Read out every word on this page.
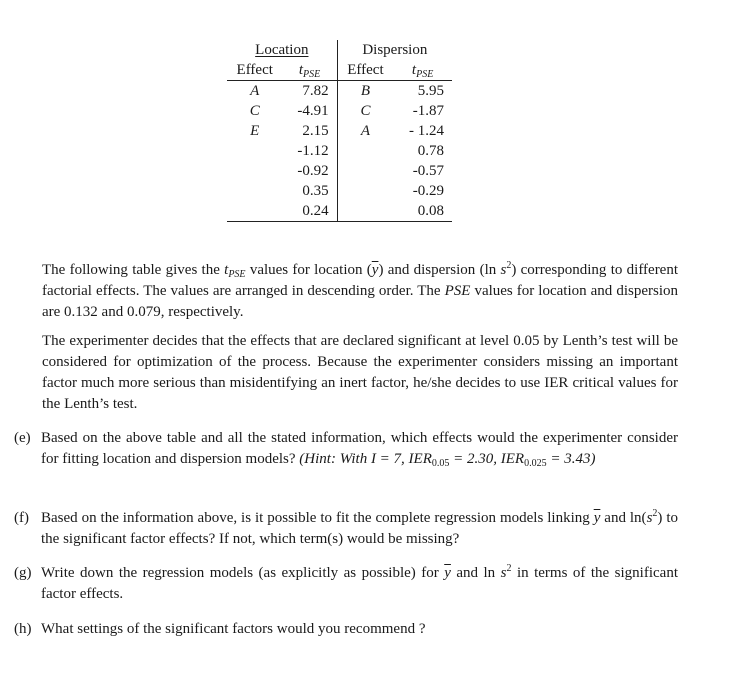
Location		Dispersion	
Effect	$t_{PSE}$	Effect	$t_{PSE}$
A	7.82	B	5.95
C	-4.91	C	-1.87
E	2.15	A	- 1.24
	-1.12		0.78
	-0.92		-0.57
	0.35		-0.29
	0.24		0.08
The following table gives the $t_{PSE}$ values for location $(\overline{y})$ and dispersion (ln $s^2$) corresponding to different factorial effects. The values are arranged in descending order. The PSE values for location and dispersion are 0.132 and 0.079, respectively.
The experimenter decides that the effects that are declared significant at level 0.05 by Lenth’s test will be considered for optimization of the process. Because the experimenter considers missing an important factor much more serious than misidentifying an inert factor, he/she decides to use IER critical values for the Lenth’s test.
(e) Based on the above table and all the stated information, which effects would the experimenter consider for fitting location and dispersion models? (Hint: With I = 7, $IER_{0.05} = 2.30$, $IER_{0.025} = 3.43$)
(f) Based on the information above, is it possible to fit the complete regression models linking $\overline{y}$ and $\ln(s^2)$ to the significant factor effects? If not, which term(s) would be missing?
(g) Write down the regression models (as explicitly as possible) for $\overline{y}$ and $\ln s^2$ in terms of the significant factor effects.
(h) What settings of the significant factors would you recommend ?
